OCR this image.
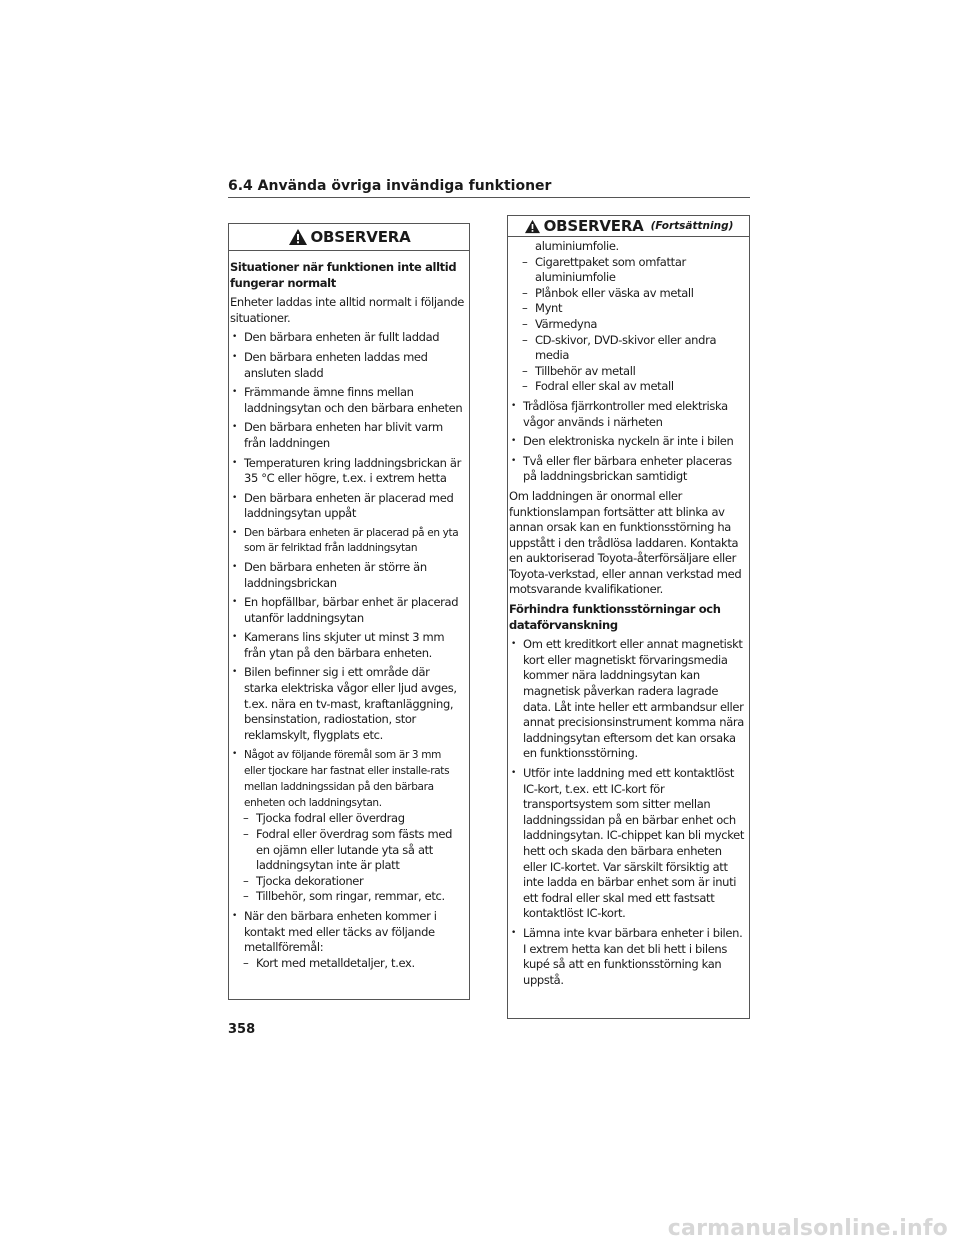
6.4 Använda övriga invändiga funktioner
OBSERVERA
Situationer när funktionen inte alltid fungerar normalt

Enheter laddas inte alltid normalt i följande situationer.

• Den bärbara enheten är fullt laddad
• Den bärbara enheten laddas med ansluten sladd
• Främmande ämne finns mellan laddningsytan och den bärbara enheten
• Den bärbara enheten har blivit varm från laddningen
• Temperaturen kring laddningsbrickan är 35 °C eller högre, t.ex. i extrem hetta
• Den bärbara enheten är placerad med laddningsytan uppåt
• Den bärbara enheten är placerad på en yta som är felriktad från laddningsytan
• Den bärbara enheten är större än laddningsbrickan
• En hopfällbar, bärbar enhet är placerad utanför laddningsytan
• Kamerans lins skjuter ut minst 3 mm från ytan på den bärbara enheten.
• Bilen befinner sig i ett område där starka elektriska vågor eller ljud avges, t.ex. nära en tv-mast, kraftanläggning, bensinstation, radiostation, stor reklamskylt, flygplats etc.
• Något av följande föremål som är 3 mm eller tjockare har fastnat eller installe-rats mellan laddningssidan på den bärbara enheten och laddningsytan.
– Tjocka fodral eller överdrag
– Fodral eller överdrag som fästs med en ojämn eller lutande yta så att laddningsytan inte är platt
– Tjocka dekorationer
– Tillbehör, som ringar, remmar, etc.
• När den bärbara enheten kommer i kontakt med eller täcks av följande metallföremål:
– Kort med metalldetaljer, t.ex.
OBSERVERA (Fortsättning)
aluminiumfolie.
– Cigarettpaket som omfattar aluminiumfolie
– Plånbok eller väska av metall
– Mynt
– Värmedyna
– CD-skivor, DVD-skivor eller andra media
– Tillbehör av metall
– Fodral eller skal av metall
• Trådlösa fjärrkontroller med elektriska vågor används i närheten
• Den elektroniska nyckeln är inte i bilen
• Två eller fler bärbara enheter placeras på laddningsbrickan samtidigt

Om laddningen är onormal eller funktionslampan fortsätter att blinka av annan orsak kan en funktionsstörning ha uppstått i den trådlösa laddaren. Kontakta en auktoriserad Toyota-återförsäljare eller Toyota-verkstad, eller annan verkstad med motsvarande kvalifikationer.

Förhindra funktionsstörningar och dataförvanskning
• Om ett kreditkort eller annat magnetiskt kort eller magnetiskt förvaringsmedia kommer nära laddningsytan kan magnetisk påverkan radera lagrade data. Låt inte heller ett armbandsur eller annat precisionsinstrument komma nära laddningsytan eftersom det kan orsaka en funktionsstörning.
• Utför inte laddning med ett kontaktlöst IC-kort, t.ex. ett IC-kort för transportsystem som sitter mellan laddningssidan på en bärbar enhet och laddningsytan. IC-chippet kan bli mycket hett och skada den bärbara enheten eller IC-kortet. Var särskilt försiktig att inte ladda en bärbar enhet som är inuti ett fodral eller skal med ett fastsatt kontaktlöst IC-kort.
• Lämna inte kvar bärbara enheter i bilen. I extrem hetta kan det bli hett i bilens kupé så att en funktionsstörning kan uppstå.
358
carmanualsonline.info
